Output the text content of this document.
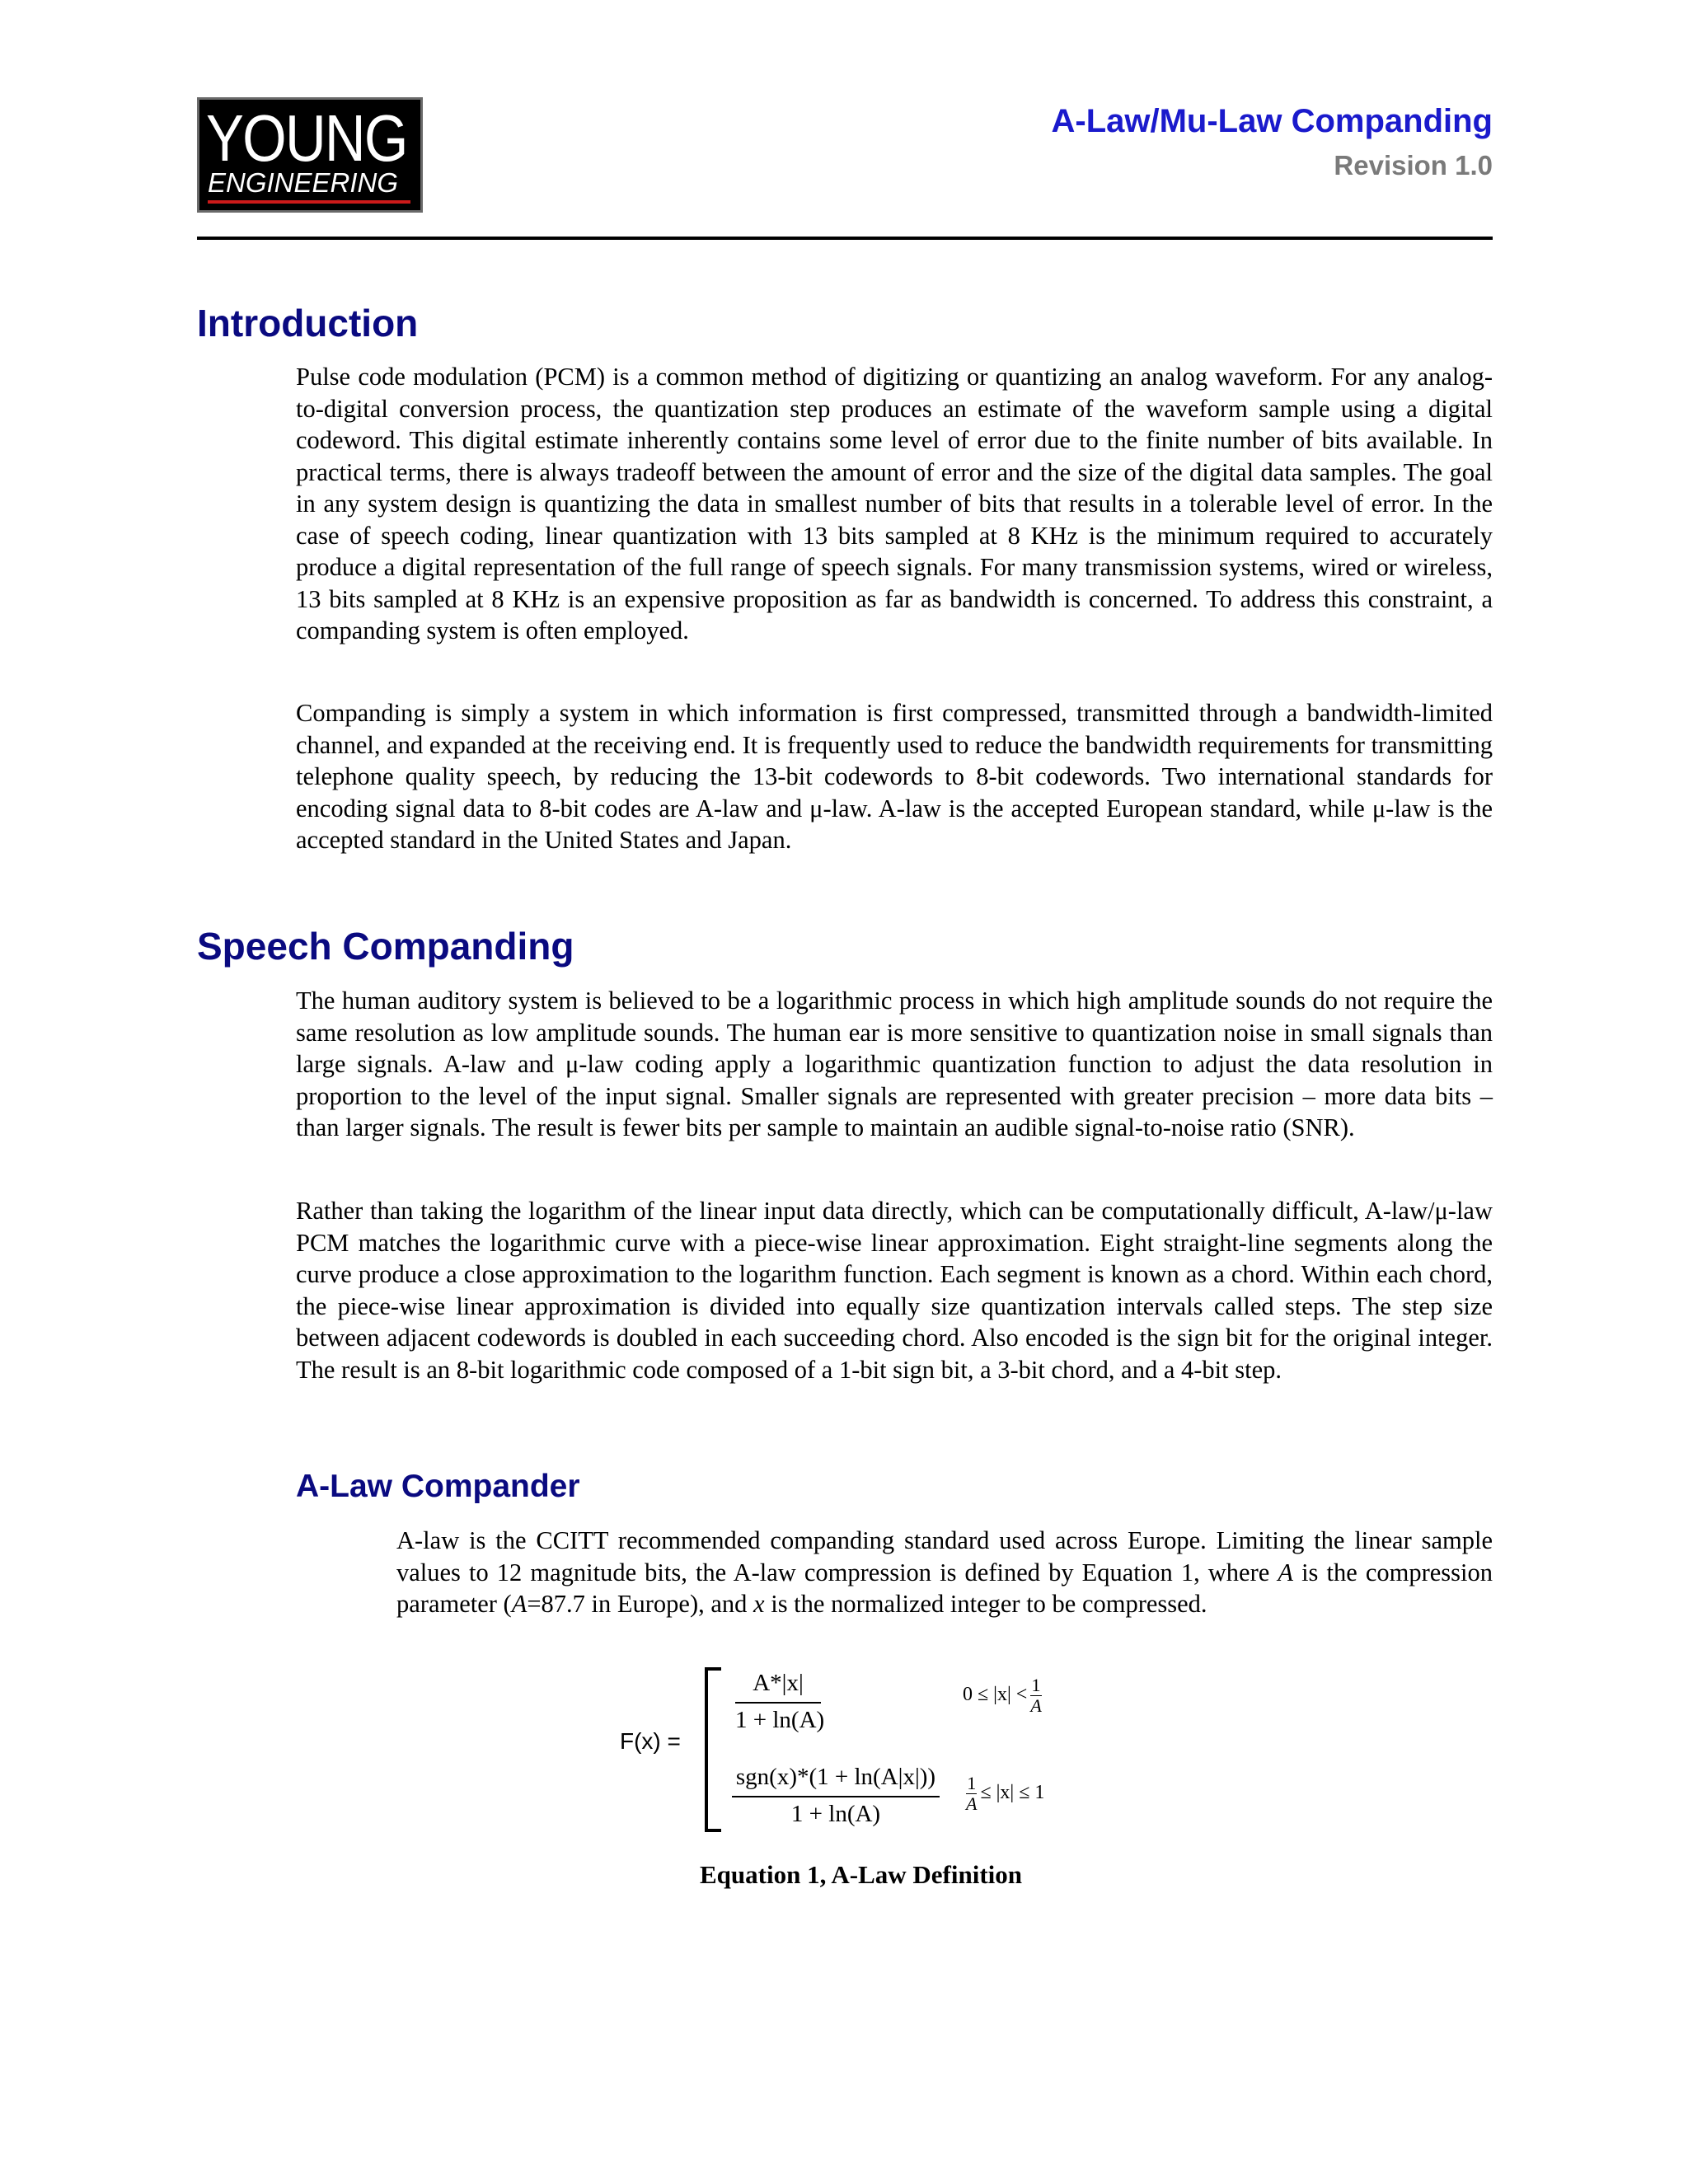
YOUNG
ENGINEERING
A-Law/Mu-Law Companding
Revision 1.0
Introduction

Pulse code modulation (PCM) is a common method of digitizing or quantizing an analog waveform. For any analog-to-digital conversion process, the quantization step produces an estimate of the waveform sample using a digital codeword. This digital estimate inherently contains some level of error due to the finite number of bits available. In practical terms, there is always tradeoff between the amount of error and the size of the digital data samples. The goal in any system design is quantizing the data in smallest number of bits that results in a tolerable level of error. In the case of speech coding, linear quantization with 13 bits sampled at 8 KHz is the minimum required to accurately produce a digital representation of the full range of speech signals. For many transmission systems, wired or wireless, 13 bits sampled at 8 KHz is an expensive proposition as far as bandwidth is concerned. To address this constraint, a companding system is often employed.

Companding is simply a system in which information is first compressed, transmitted through a bandwidth-limited channel, and expanded at the receiving end. It is frequently used to reduce the bandwidth requirements for transmitting telephone quality speech, by reducing the 13-bit codewords to 8-bit codewords. Two international standards for encoding signal data to 8-bit codes are A-law and μ-law. A-law is the accepted European standard, while μ-law is the accepted standard in the United States and Japan.

Speech Companding

The human auditory system is believed to be a logarithmic process in which high amplitude sounds do not require the same resolution as low amplitude sounds. The human ear is more sensitive to quantization noise in small signals than large signals. A-law and μ-law coding apply a logarithmic quantization function to adjust the data resolution in proportion to the level of the input signal. Smaller signals are represented with greater precision – more data bits – than larger signals. The result is fewer bits per sample to maintain an audible signal-to-noise ratio (SNR).

Rather than taking the logarithm of the linear input data directly, which can be computationally difficult, A-law/μ-law PCM matches the logarithmic curve with a piece-wise linear approximation. Eight straight-line segments along the curve produce a close approximation to the logarithm function. Each segment is known as a chord. Within each chord, the piece-wise linear approximation is divided into equally size quantization intervals called steps. The step size between adjacent codewords is doubled in each succeeding chord. Also encoded is the sign bit for the original integer. The result is an 8-bit logarithmic code composed of a 1-bit sign bit, a 3-bit chord, and a 4-bit step.

A-Law Compander

A-law is the CCITT recommended companding standard used across Europe. Limiting the linear sample values to 12 magnitude bits, the A-law compression is defined by Equation 1, where A is the compression parameter (A=87.7 in Europe), and x is the normalized integer to be compressed.

F(x) =
$\frac{A*|x|}{1 + \ln(A)}$	$0 \le |x| < \frac{1}{A}$
sgn(x)*(1 + ln(A|x|))
1 + ln(A)	$\frac{1}{A} \le |x| \le 1$
Equation 1, A-Law Definition
